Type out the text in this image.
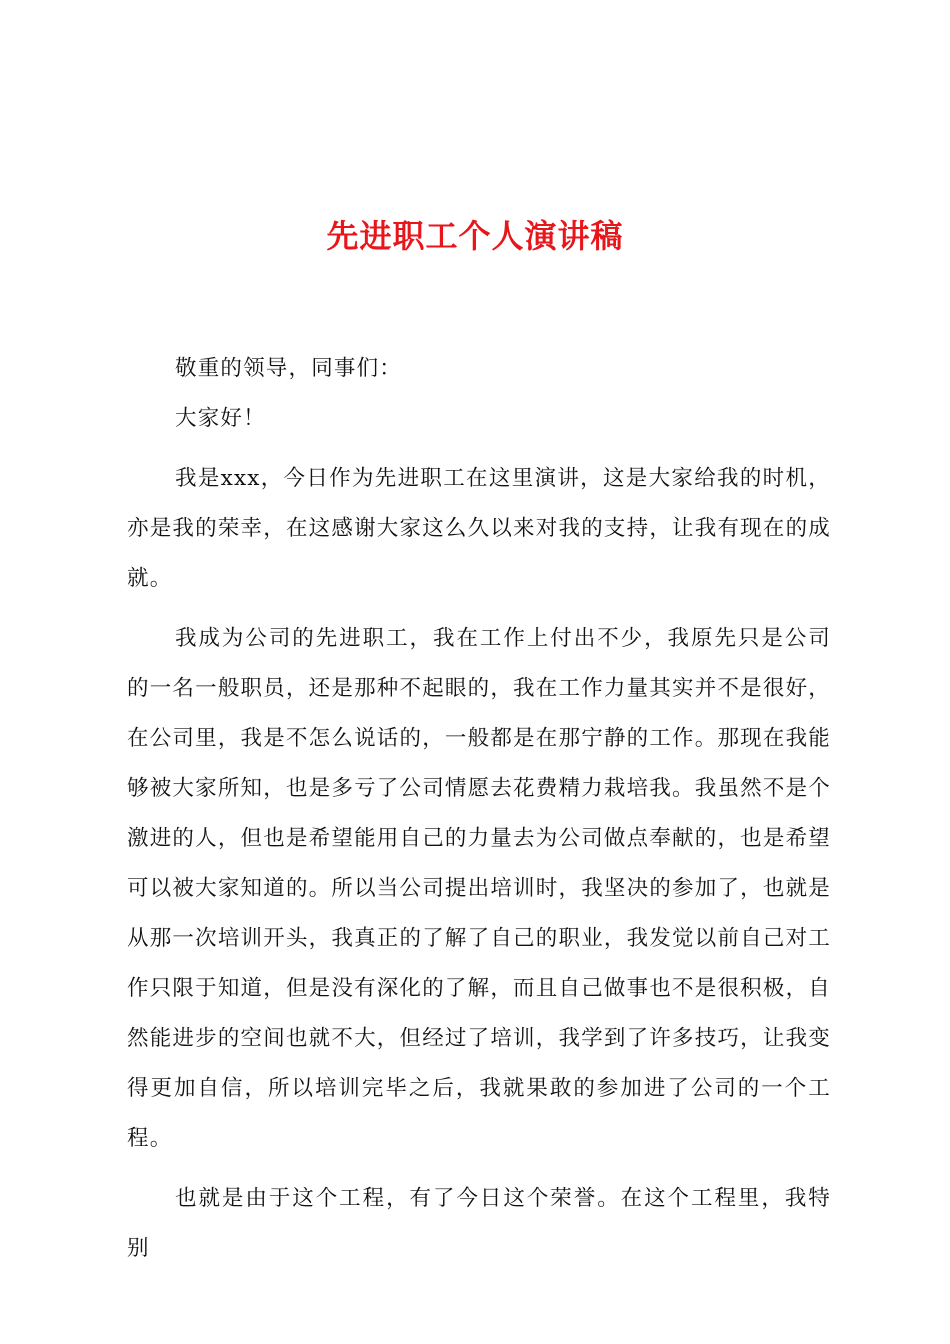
先进职工个人演讲稿

敬重的领导，同事们：

大家好！

我是xxx，今日作为先进职工在这里演讲，这是大家给我的时机，亦是我的荣幸，在这感谢大家这么久以来对我的支持，让我有现在的成就。

我成为公司的先进职工，我在工作上付出不少，我原先只是公司的一名一般职员，还是那种不起眼的，我在工作力量其实并不是很好，在公司里，我是不怎么说话的，一般都是在那宁静的工作。那现在我能够被大家所知，也是多亏了公司情愿去花费精力栽培我。我虽然不是个激进的人，但也是希望能用自己的力量去为公司做点奉献的，也是希望可以被大家知道的。所以当公司提出培训时，我坚决的参加了，也就是从那一次培训开头，我真正的了解了自己的职业，我发觉以前自己对工作只限于知道，但是没有深化的了解，而且自己做事也不是很积极，自然能进步的空间也就不大，但经过了培训，我学到了许多技巧，让我变得更加自信，所以培训完毕之后，我就果敢的参加进了公司的一个工程。

也就是由于这个工程，有了今日这个荣誉。在这个工程里，我特别
